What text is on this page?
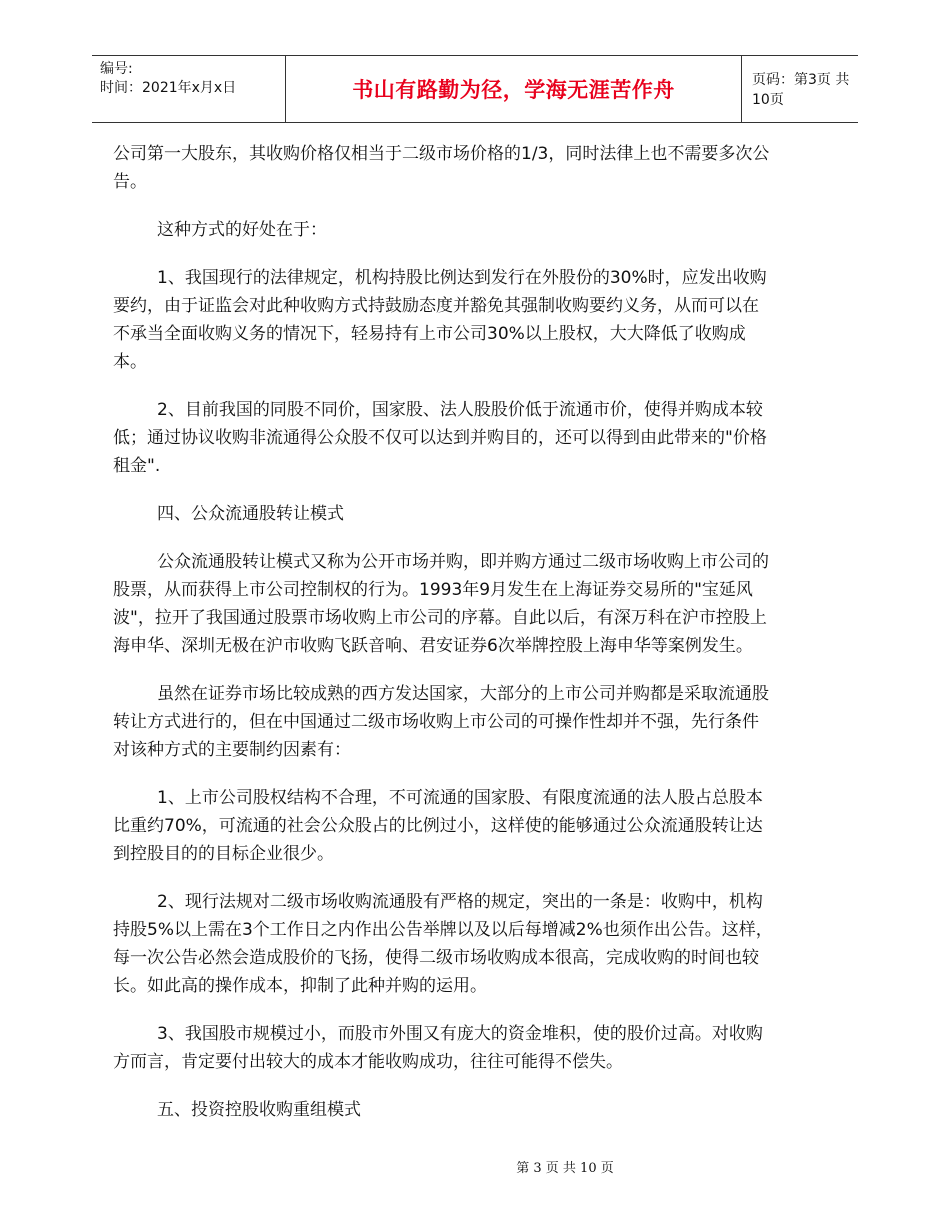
编号:
时间：2021年x月x日	书山有路勤为径，学海无涯苦作舟	页码：第3页 共10页

公司第一大股东，其收购价格仅相当于二级市场价格的1/3，同时法律上也不需要多次公告。

这种方式的好处在于：

1、我国现行的法律规定，机构持股比例达到发行在外股份的30%时，应发出收购要约，由于证监会对此种收购方式持鼓励态度并豁免其强制收购要约义务，从而可以在不承当全面收购义务的情况下，轻易持有上市公司30%以上股权，大大降低了收购成本。

2、目前我国的同股不同价，国家股、法人股股价低于流通市价，使得并购成本较低；通过协议收购非流通得公众股不仅可以达到并购目的，还可以得到由此带来的"价格租金".

四、公众流通股转让模式

公众流通股转让模式又称为公开市场并购，即并购方通过二级市场收购上市公司的股票，从而获得上市公司控制权的行为。1993年9月发生在上海证券交易所的"宝延风波"，拉开了我国通过股票市场收购上市公司的序幕。自此以后，有深万科在沪市控股上海申华、深圳无极在沪市收购飞跃音响、君安证券6次举牌控股上海申华等案例发生。

虽然在证券市场比较成熟的西方发达国家，大部分的上市公司并购都是采取流通股转让方式进行的，但在中国通过二级市场收购上市公司的可操作性却并不强，先行条件对该种方式的主要制约因素有：

1、上市公司股权结构不合理，不可流通的国家股、有限度流通的法人股占总股本比重约70%，可流通的社会公众股占的比例过小，这样使的能够通过公众流通股转让达到控股目的的目标企业很少。

2、现行法规对二级市场收购流通股有严格的规定，突出的一条是：收购中，机构持股5%以上需在3个工作日之内作出公告举牌以及以后每增减2%也须作出公告。这样，每一次公告必然会造成股价的飞扬，使得二级市场收购成本很高，完成收购的时间也较长。如此高的操作成本，抑制了此种并购的运用。

3、我国股市规模过小，而股市外围又有庞大的资金堆积，使的股价过高。对收购方而言，肯定要付出较大的成本才能收购成功，往往可能得不偿失。

五、投资控股收购重组模式

第 3 页 共 10 页
